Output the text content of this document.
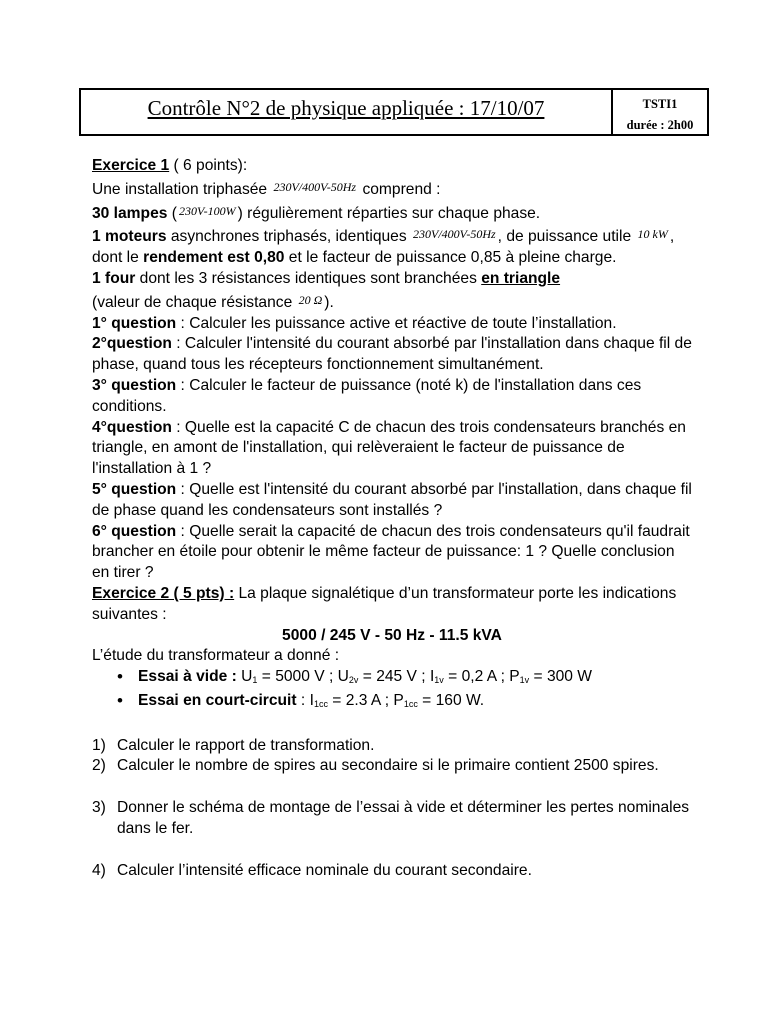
Contrôle N°2 de physique appliquée : 17/10/07	TSTI1
durée : 2h00

Exercice 1 ( 6 points):

Une installation triphasée 230V/400V-50Hz comprend :

30 lampes ( 230V-100W ) régulièrement réparties sur chaque phase.

1 moteurs asynchrones triphasés, identiques 230V/400V-50Hz , de puissance utile 10 kW , dont le rendement est 0,80 et le facteur de puissance 0,85 à pleine charge.

1 four dont les 3 résistances identiques sont branchées en triangle
(valeur de chaque résistance 20 Ω ).

1° question : Calculer les puissance active et réactive de toute l’installation.

2°question : Calculer l'intensité du courant absorbé par l'installation dans chaque fil de phase, quand tous les récepteurs fonctionnement simultanément.

3° question : Calculer le facteur de puissance (noté k) de l'installation dans ces conditions.

4°question : Quelle est la capacité C de chacun des trois condensateurs branchés en triangle, en amont de l'installation, qui relèveraient le facteur de puissance de l'installation à 1 ?

5° question : Quelle est l'intensité du courant absorbé par l'installation, dans chaque fil de phase quand les condensateurs sont installés ?

6° question : Quelle serait la capacité de chacun des trois condensateurs qu'il faudrait brancher en étoile pour obtenir le même facteur de puissance: 1 ? Quelle conclusion en tirer ?

Exercice 2 ( 5 pts) : La plaque signalétique d’un transformateur porte les indications suivantes :

5000 / 245 V - 50 Hz - 11.5 kVA

L’étude du transformateur a donné :

• Essai à vide : $U_1 = 5000$ V ; $U_{2v} = 245$ V ; $I_{1v} = 0,2$ A ; $P_{1v} = 300$ W
• Essai en court-circuit : $I_{1cc} = 2.3$ A ; $P_{1cc} = 160$ W.
1) Calculer le rapport de transformation.
2) Calculer le nombre de spires au secondaire si le primaire contient 2500 spires.
3) Donner le schéma de montage de l’essai à vide et déterminer les pertes nominales dans le fer.
4) Calculer l’intensité efficace nominale du courant secondaire.
